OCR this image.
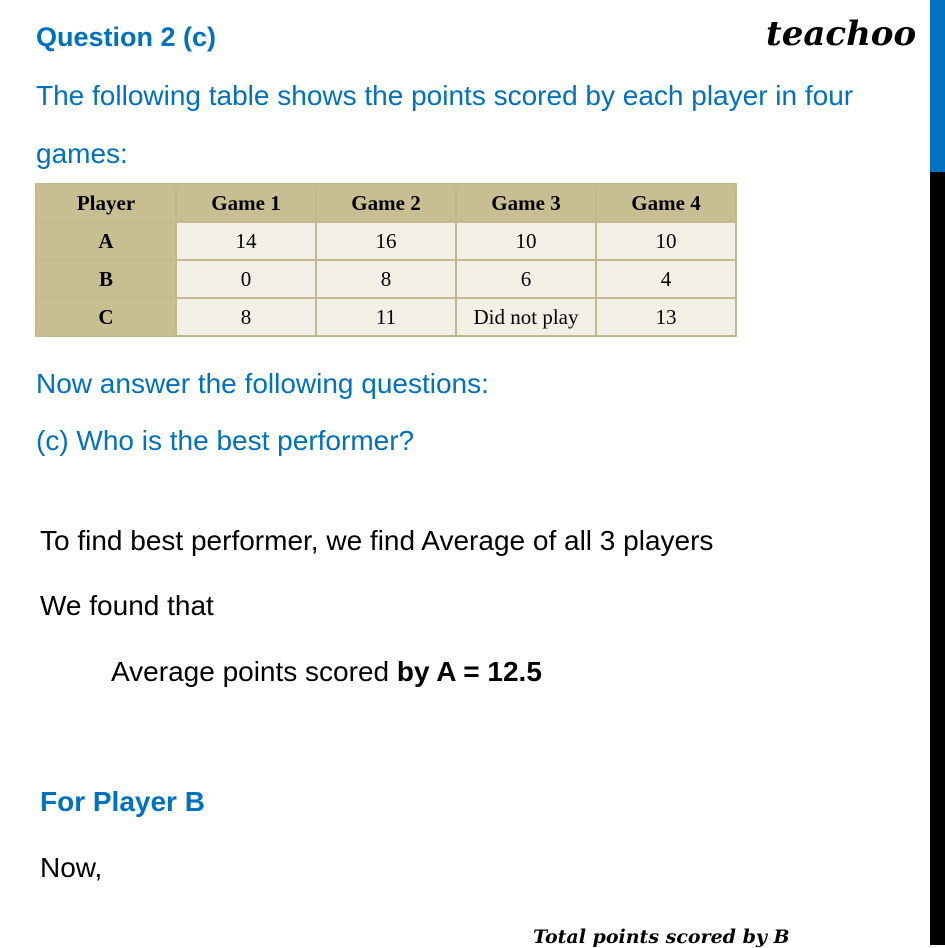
Question 2 (c)	teachoo
The following table shows the points scored by each player in four
games:
Player	Game 1	Game 2	Game 3	Game 4
A	14	16	10	10
B	0	8	6	4
C	8	11	Did not play	13
Now answer the following questions:
(c) Who is the best performer?
To find best performer, we find Average of all 3 players
We found that
Average points scored by A = 12.5
For Player B
Now,
Total points scored by B
